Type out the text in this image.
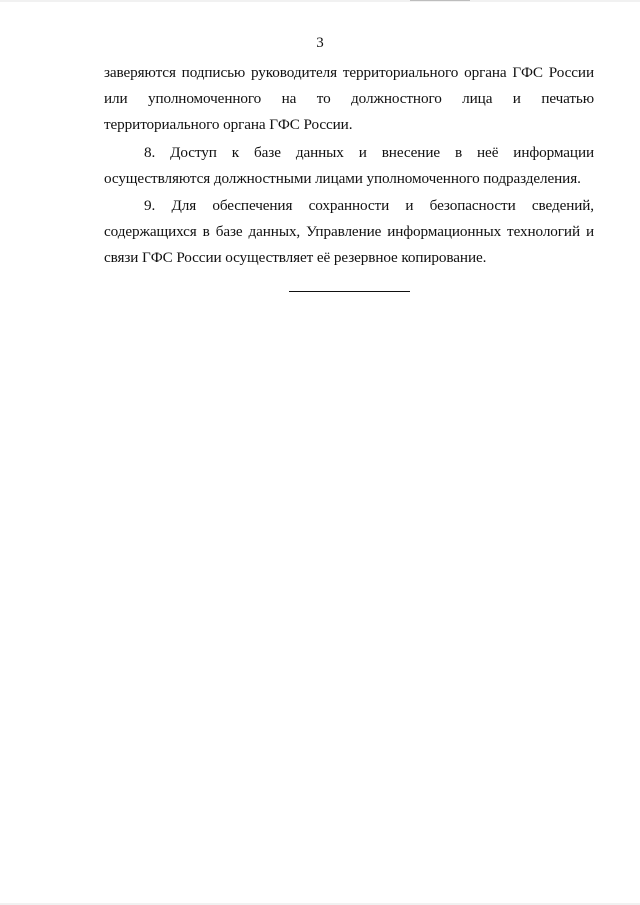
3
заверяются подписью руководителя территориального органа ГФС России
или уполномоченного на то должностного лица и печатью
территориального органа ГФС России.
8. Доступ к базе данных и внесение в неё информации
осуществляются должностными лицами уполномоченного подразделения.
9. Для обеспечения сохранности и безопасности сведений,
содержащихся в базе данных, Управление информационных технологий и
связи ГФС России осуществляет её резервное копирование.
